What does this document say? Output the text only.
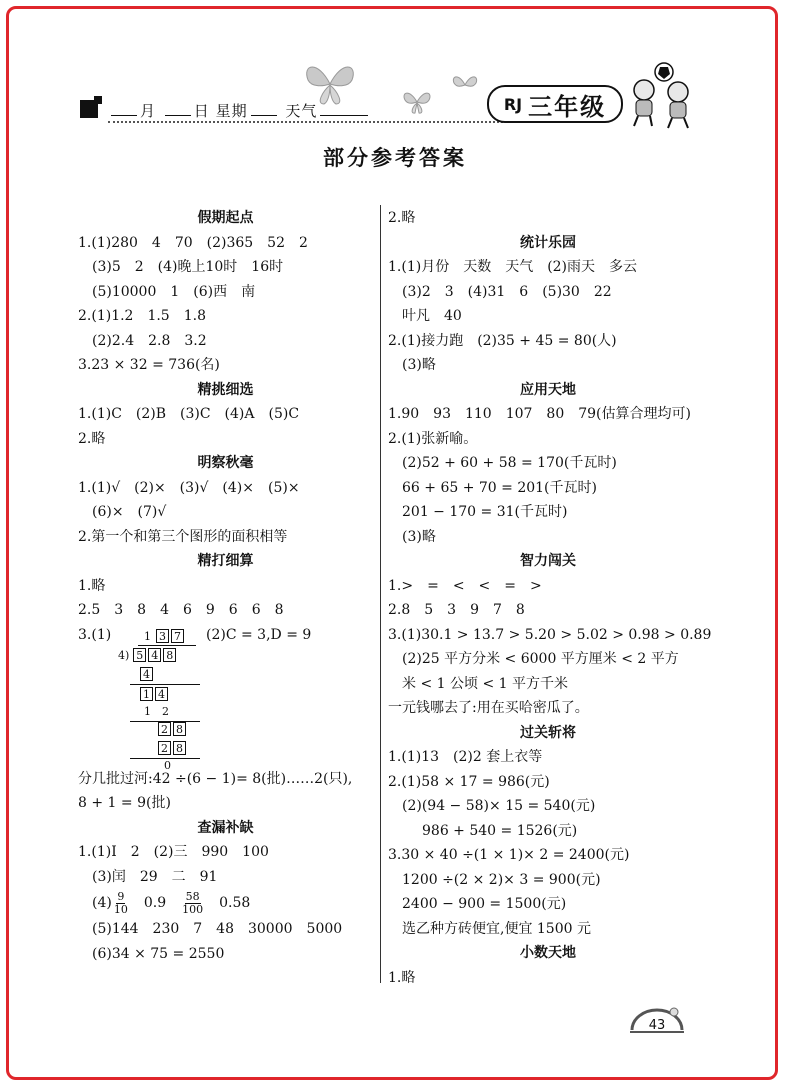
月	日 星期	天气	RJ 三年级
部分参考答案
假期起点
1.(1)280　4　70　(2)365　52　2
(3)5　2　(4)晚上10时　16时
(5)10000　1　(6)西　南
2.(1)1.2　1.5　1.8
(2)2.4　2.8　3.2
3.23 × 32 = 736(名)
精挑细选
1.(1)C　(2)B　(3)C　(4)A　(5)C
2.略
明察秋毫
1.(1)√　(2)×　(3)√　(4)×　(5)×
(6)×　(7)√
2.第一个和第三个图形的面积相等
精打细算
1.略
2.5　3　8　4　6　9　6　6　8
3.(1)	(2)C = 3,D = 9
1 3 7
4) 5 4 8
4
1 4
1　2
2 8
2 8
0
分几批过河:42 ÷(6 − 1)= 8(批)……2(只),
8 + 1 = 9(批)
查漏补缺
1.(1)I　2　(2)三　990　100
(3)闰　29　二　91
$(4) \frac{9}{10}$
　 0.9　 $\frac{58}{100}$
　 0.58
(5)144　230　7　48　30000　5000
(6)34 × 75 = 2550
2.略
统计乐园
1.(1)月份　天数　天气　(2)雨天　多云
(3)2　3　(4)31　6　(5)30　22
叶凡　40
2.(1)接力跑　(2)35 + 45 = 80(人)
(3)略
应用天地
1.90　93　110　107　80　79(估算合理均可)
2.(1)张新喻。
(2)52 + 60 + 58 = 170(千瓦时)
66 + 65 + 70 = 201(千瓦时)
201 − 170 = 31(千瓦时)
(3)略
智力闯关
1.>　=　<　<　=　>
2.8　5　3　9　7　8
3.(1)30.1 > 13.7 > 5.20 > 5.02 > 0.98 > 0.89
(2)25 平方分米 < 6000 平方厘米 < 2 平方
米 < 1 公顷 < 1 平方千米
一元钱哪去了:用在买哈密瓜了。
过关斩将
1.(1)13　(2)2 套上衣等
2.(1)58 × 17 = 986(元)
(2)(94 − 58)× 15 = 540(元)
986 + 540 = 1526(元)
3.30 × 40 ÷(1 × 1)× 2 = 2400(元)
1200 ÷(2 × 2)× 3 = 900(元)
2400 − 900 = 1500(元)
选乙种方砖便宜,便宜 1500 元
小数天地
1.略
43
